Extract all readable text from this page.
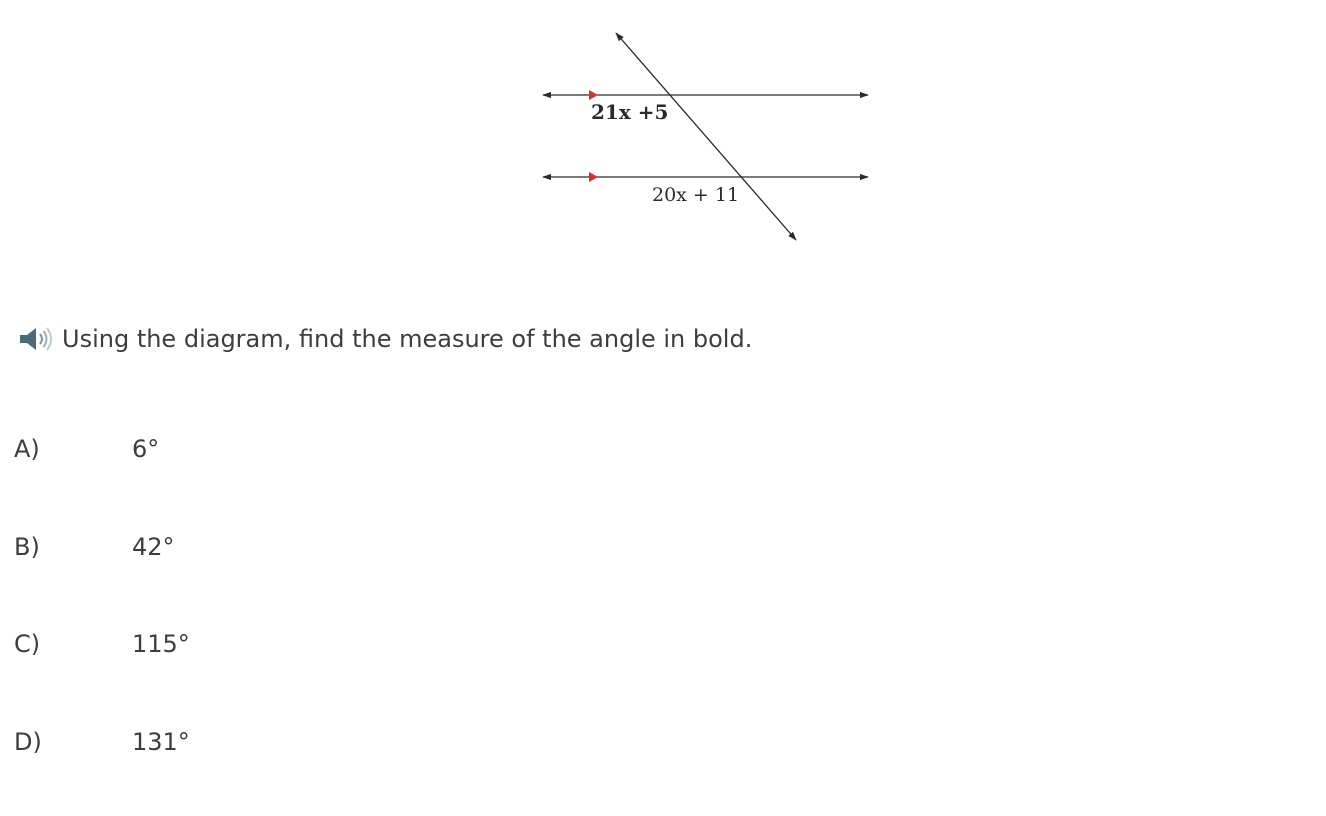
21x +5
20x + 11
Using the diagram, find the measure of the angle in bold.
A)	6°
B)	42°
C)	115°
D)	131°
